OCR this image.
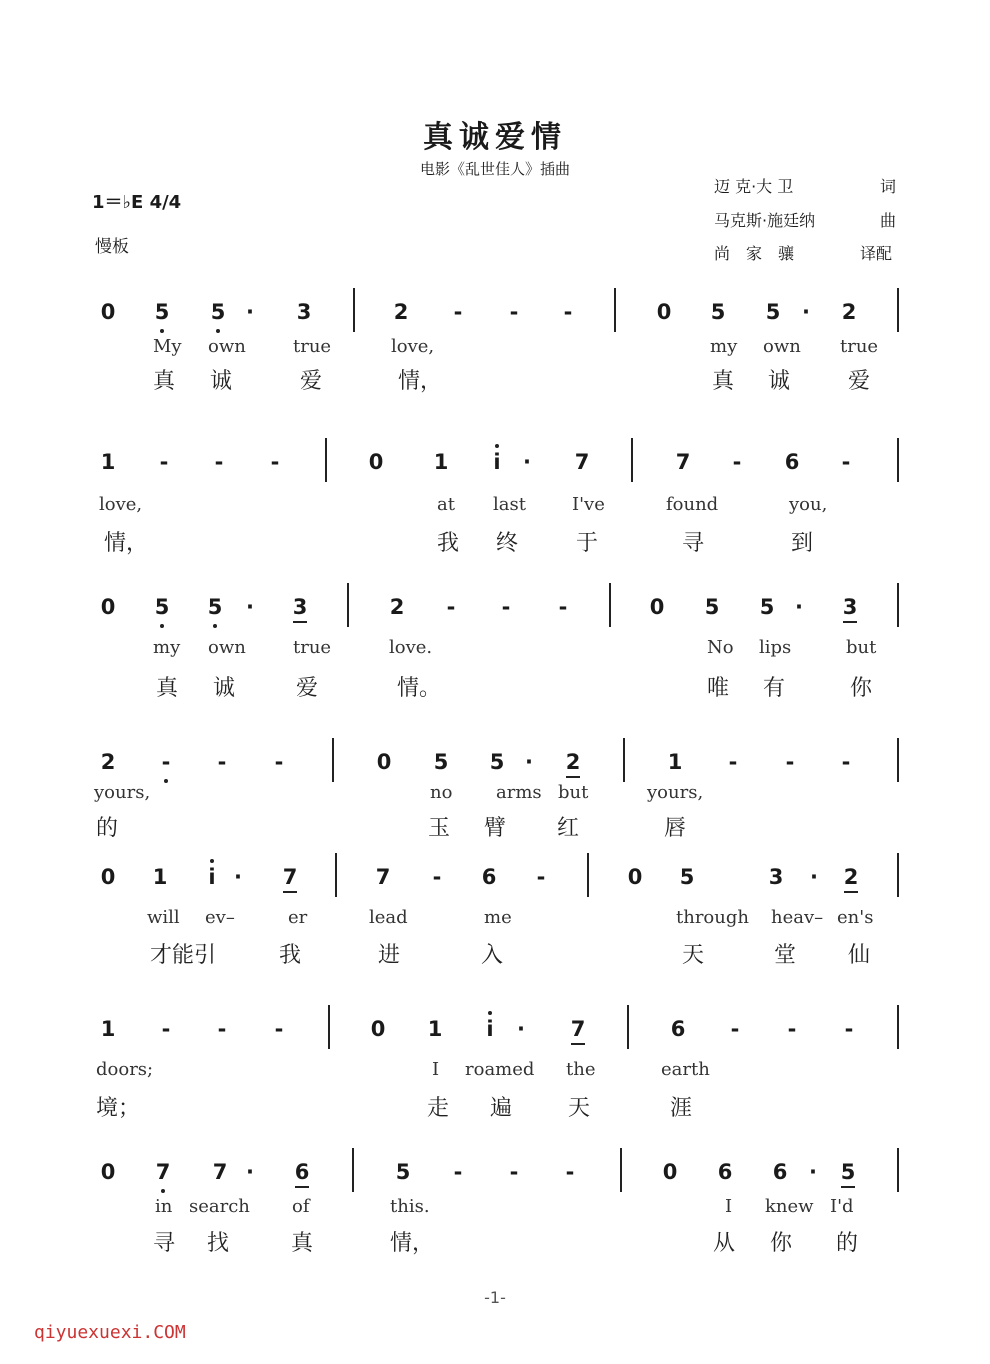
真诚爱情
电影《乱世佳人》插曲
迈 克·大 卫	词
马克斯·施廷纳	曲
尚　家　骧	译配
1＝♭E 4/4
慢板
0	5	5 ·	3	2	-	-	-	0	5	5	·	2
My own	true	love,	my own true
真 诚	爱	情，	真 诚	爱
1	-	-	-	0	1	i	·	7	7	-	6	-
love,	at last	I've	found	you,
情，	我 终	于	寻	到
0	5	5	·	3	2	-	-	-	0	5	5 ·	3
my own	true	love.	No lips	but
真 诚	爱	情。	唯 有	你
2	-	-	-	0	5	5 ·	2	1	-	-	-
yours,	no arms but	yours,
的	玉 臂 红	唇
0	1	i ·	7	7	-	6	-	0	5	3	·	2
will ev–	er	lead	me	through heav– en's
才能引	我	进	入	天	堂 仙
1	-	-	-	0	1	i	·	7	6	-	-	-
doors;	I roamed the	earth
境；	走 遍	天	涯
0	7	7 ·	6	5	-	-	-	0	6	6	·	5
in search of	this.	I knew I'd
寻 找	真	情，	从 你 的
-1-
qiyuexuexi.COM
